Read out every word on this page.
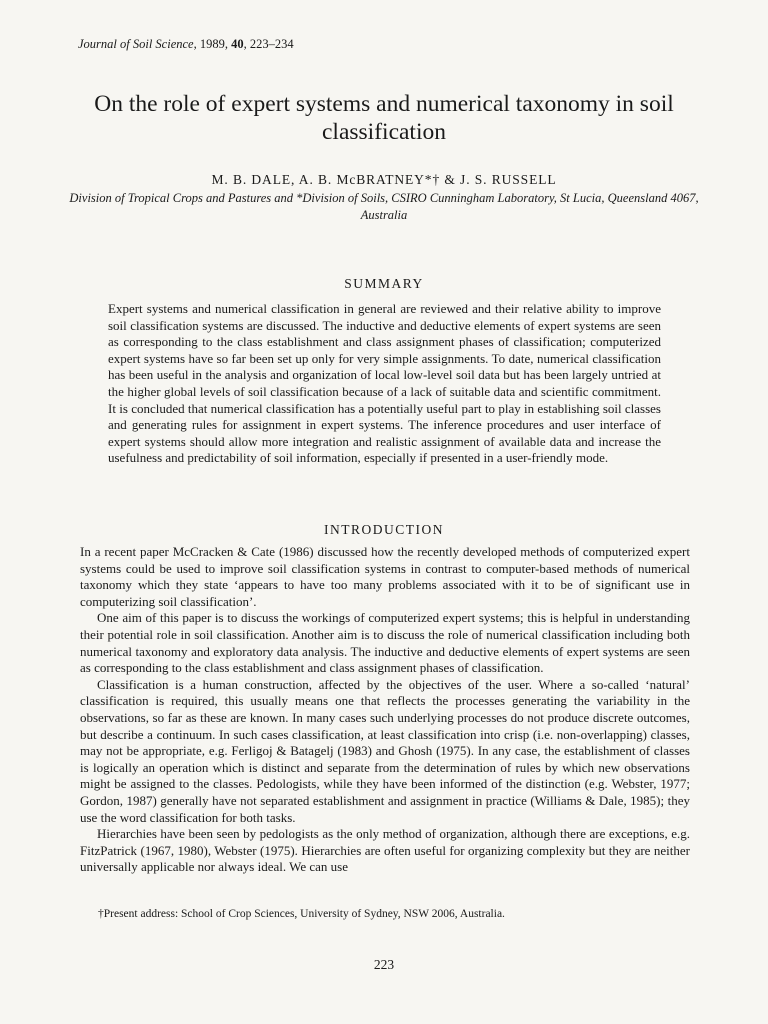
Journal of Soil Science, 1989, 40, 223–234
On the role of expert systems and numerical taxonomy in soil classification
M. B. DALE, A. B. McBRATNEY*† & J. S. RUSSELL
Division of Tropical Crops and Pastures and *Division of Soils, CSIRO Cunningham Laboratory, St Lucia, Queensland 4067, Australia
SUMMARY
Expert systems and numerical classification in general are reviewed and their relative ability to improve soil classification systems are discussed. The inductive and deductive elements of expert systems are seen as corresponding to the class establishment and class assignment phases of classification; computerized expert systems have so far been set up only for very simple assignments. To date, numerical classification has been useful in the analysis and organization of local low-level soil data but has been largely untried at the higher global levels of soil classification because of a lack of suitable data and scientific commitment. It is concluded that numerical classification has a potentially useful part to play in establishing soil classes and generating rules for assignment in expert systems. The inference procedures and user interface of expert systems should allow more integration and realistic assignment of available data and increase the usefulness and predictability of soil information, especially if presented in a user-friendly mode.
INTRODUCTION

In a recent paper McCracken & Cate (1986) discussed how the recently developed methods of computerized expert systems could be used to improve soil classification systems in contrast to computer-based methods of numerical taxonomy which they state ‘appears to have too many problems associated with it to be of significant use in computerizing soil classification’.

One aim of this paper is to discuss the workings of computerized expert systems; this is helpful in understanding their potential role in soil classification. Another aim is to discuss the role of numerical classification including both numerical taxonomy and exploratory data analysis. The inductive and deductive elements of expert systems are seen as corresponding to the class establishment and class assignment phases of classification.

Classification is a human construction, affected by the objectives of the user. Where a so-called ‘natural’ classification is required, this usually means one that reflects the processes generating the variability in the observations, so far as these are known. In many cases such underlying processes do not produce discrete outcomes, but describe a continuum. In such cases classification, at least classification into crisp (i.e. non-overlapping) classes, may not be appropriate, e.g. Ferligoj & Batagelj (1983) and Ghosh (1975). In any case, the establishment of classes is logically an operation which is distinct and separate from the determination of rules by which new observations might be assigned to the classes. Pedologists, while they have been informed of the distinction (e.g. Webster, 1977; Gordon, 1987) generally have not separated establishment and assignment in practice (Williams & Dale, 1985); they use the word classification for both tasks.

Hierarchies have been seen by pedologists as the only method of organization, although there are exceptions, e.g. FitzPatrick (1967, 1980), Webster (1975). Hierarchies are often useful for organizing complexity but they are neither universally applicable nor always ideal. We can use

†Present address: School of Crop Sciences, University of Sydney, NSW 2006, Australia.
223
